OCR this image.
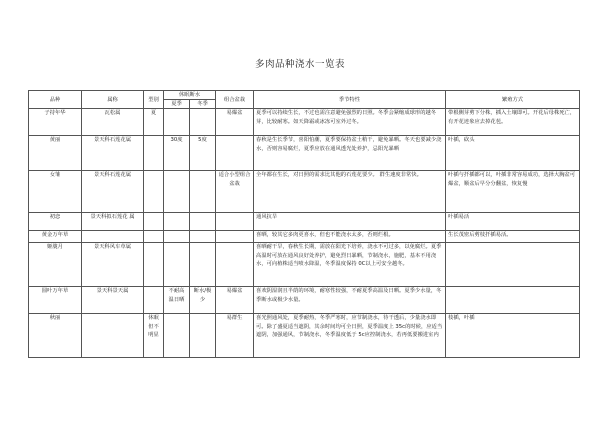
多肉品种浇水一览表
品种	属称	型别	休眠断水		组合盆栽	季节特性	繁殖方式
			夏季	冬季			
子持年华	瓦松属	夏			易爆盆	夏季可以持续生长，不过也需注意避免强烈的日照。冬季会紧缩成球形的越冬芽，比较耐寒。如天降霜或冰冻可室外过冬。	带根侧芽剪下分株，插入土壤即可。开花后母株死亡，有开花迹象应去掉花苞。
黄丽	景天科石莲花属		30度	5度		春秋是生长季节，喜阳怕潮，夏季要保持盆土稍干，避免暴晒。冬天也要减少浇水，否则容易腐烂，夏季应放在通风透光处养护，忌阳光暴晒	叶插，砍头
女雏	景天科石莲花属				适合小型组合盆栽	全年都在生长，对日照的需求比其他的石莲花要少。 群生速度非常快。	叶插与扦插都可以，叶插非常容易成功，选择大胸盆可爆盆，顺盆后早分分翻盆，恢复慢
初恋	景天科拟石莲花 属					通风抗旱	叶插易活
黄金万年草						喜晒，较其它多肉更喜水，但也不能浇水太多，否则烂根。	生长茂密后剪枝扦插易活。
姬胧月	景天科风车草属					喜晒耐干旱，春秋生长期，需放在阳光下培养，浇水不可过多，以免腐烂。夏季高温时可放在通风良好处养护，避免烈日暴晒，节制浇水，施肥，基本不用浇水，可向植株适当喷水降温，冬季温度保持 0C以上可安全越冬。	
圆叶万年草	景天科景天属		不耐高温日晒	断水/极少	易爆盆	喜欢阴湿润且半荫的环境，耐寒性较强，不耐夏季高温及日晒。夏季少水量，冬季断水或极少水量。	
秋丽		休眠但不明显			易群生	喜光照通风处，夏季耐热，冬季严寒时，应节制浇水，待干透后，少量浇水即可。除了盛夏适当遮阴，其余时间均可全日照，夏季温度上 35c的时候，应适当遮阴，加强通风，节制浇水，冬季温度低于 5c应控制浇水，若再低要搬进室内	枝插，叶插
